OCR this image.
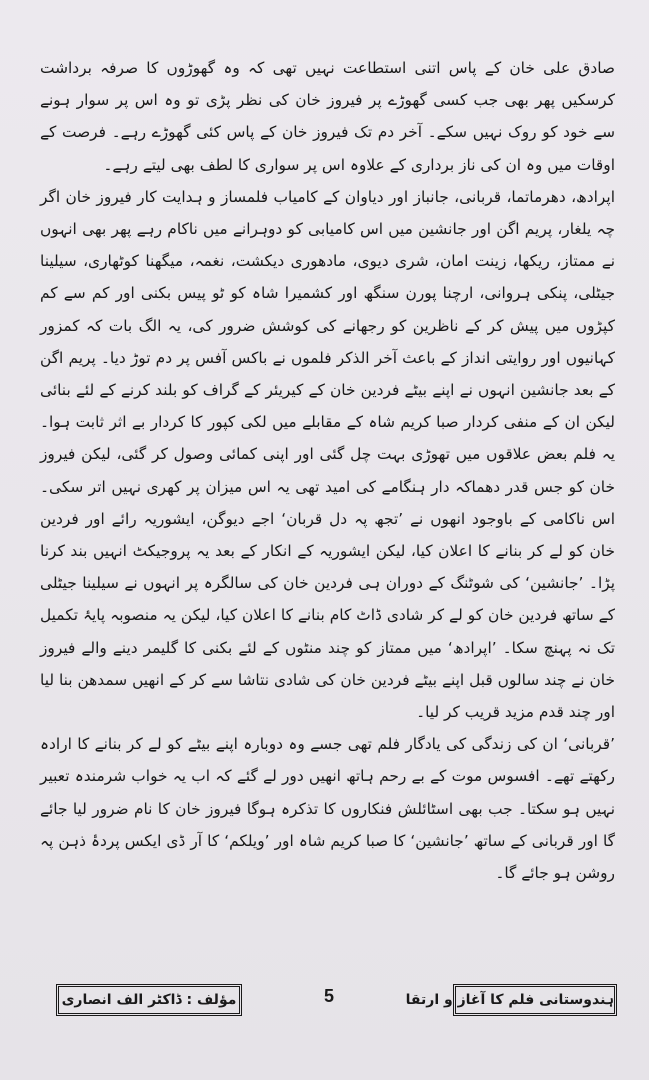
صادق علی خان کے پاس اتنی استطاعت نہیں تھی کہ وہ گھوڑوں کا صرفہ برداشت کرسکیں پھر بھی جب کسی گھوڑے پر فیروز خان کی نظر پڑی تو وہ اس پر سوار ہونے سے خود کو روک نہیں سکے۔ آخر دم تک فیروز خان کے پاس کئی گھوڑے رہے۔ فرصت کے اوقات میں وہ ان کی ناز برداری کے علاوہ اس پر سواری کا لطف بھی لیتے رہے۔

اپرادھ، دھرماتما، قربانی، جانباز اور دیاوان کے کامیاب فلمساز و ہدایت کار فیروز خان اگر چہ یلغار، پریم اگن اور جانشین میں اس کامیابی کو دوہرانے میں ناکام رہے پھر بھی انہوں نے ممتاز، ریکھا، زینت امان، شری دیوی، مادھوری دیکشت، نغمہ، میگھنا کوٹھاری، سیلینا جیٹلی، پنکی ہروانی، ارچنا پورن سنگھ اور کشمیرا شاہ کو ٹو پیس بکنی اور کم سے کم کپڑوں میں پیش کر کے ناظرین کو رجھانے کی کوشش ضرور کی، یہ الگ بات کہ کمزور کہانیوں اور روایتی انداز کے باعث آخر الذکر فلموں نے باکس آفس پر دم توڑ دیا۔ پریم اگن کے بعد جانشین انہوں نے اپنے بیٹے فردین خان کے کیریئر کے گراف کو بلند کرنے کے لئے بنائی لیکن ان کے منفی کردار صبا کریم شاہ کے مقابلے میں لکی کپور کا کردار بے اثر ثابت ہوا۔ یہ فلم بعض علاقوں میں تھوڑی بہت چل گئی اور اپنی کمائی وصول کر گئی، لیکن فیروز خان کو جس قدر دھماکہ دار ہنگامے کی امید تھی یہ اس میزان پر کھری نہیں اتر سکی۔ اس ناکامی کے باوجود انھوں نے ’تجھ پہ دل قربان‘ اجے دیوگن، ایشوریہ رائے اور فردین خان کو لے کر بنانے کا اعلان کیا، لیکن ایشوریہ کے انکار کے بعد یہ پروجیکٹ انہیں بند کرنا پڑا۔ ’جانشین‘ کی شوٹنگ کے دوران ہی فردین خان کی سالگرہ پر انہوں نے سیلینا جیٹلی کے ساتھ فردین خان کو لے کر شادی ڈاٹ کام بنانے کا اعلان کیا، لیکن یہ منصوبہ پایۂ تکمیل تک نہ پہنچ سکا۔ ’اپرادھ‘ میں ممتاز کو چند منٹوں کے لئے بکنی کا گلیمر دینے والے فیروز خان نے چند سالوں قبل اپنے بیٹے فردین خان کی شادی نتاشا سے کر کے انھیں سمدھن بنا لیا اور چند قدم مزید قریب کر لیا۔

’قربانی‘ ان کی زندگی کی یادگار فلم تھی جسے وہ دوبارہ اپنے بیٹے کو لے کر بنانے کا ارادہ رکھتے تھے۔ افسوس موت کے بے رحم ہاتھ انھیں دور لے گئے کہ اب یہ خواب شرمندہ تعبیر نہیں ہو سکتا۔ جب بھی اسٹائلش فنکاروں کا تذکرہ ہوگا فیروز خان کا نام ضرور لیا جائے گا اور قربانی کے ساتھ ’جانشین‘ کا صبا کریم شاہ اور ’ویلکم‘ کا آر ڈی ایکس پردۂ ذہن پہ روشن ہو جائے گا۔

ہندوستانی فلم کا آغاز و ارتقا
5
مؤلف : ڈاکٹر الف انصاری
